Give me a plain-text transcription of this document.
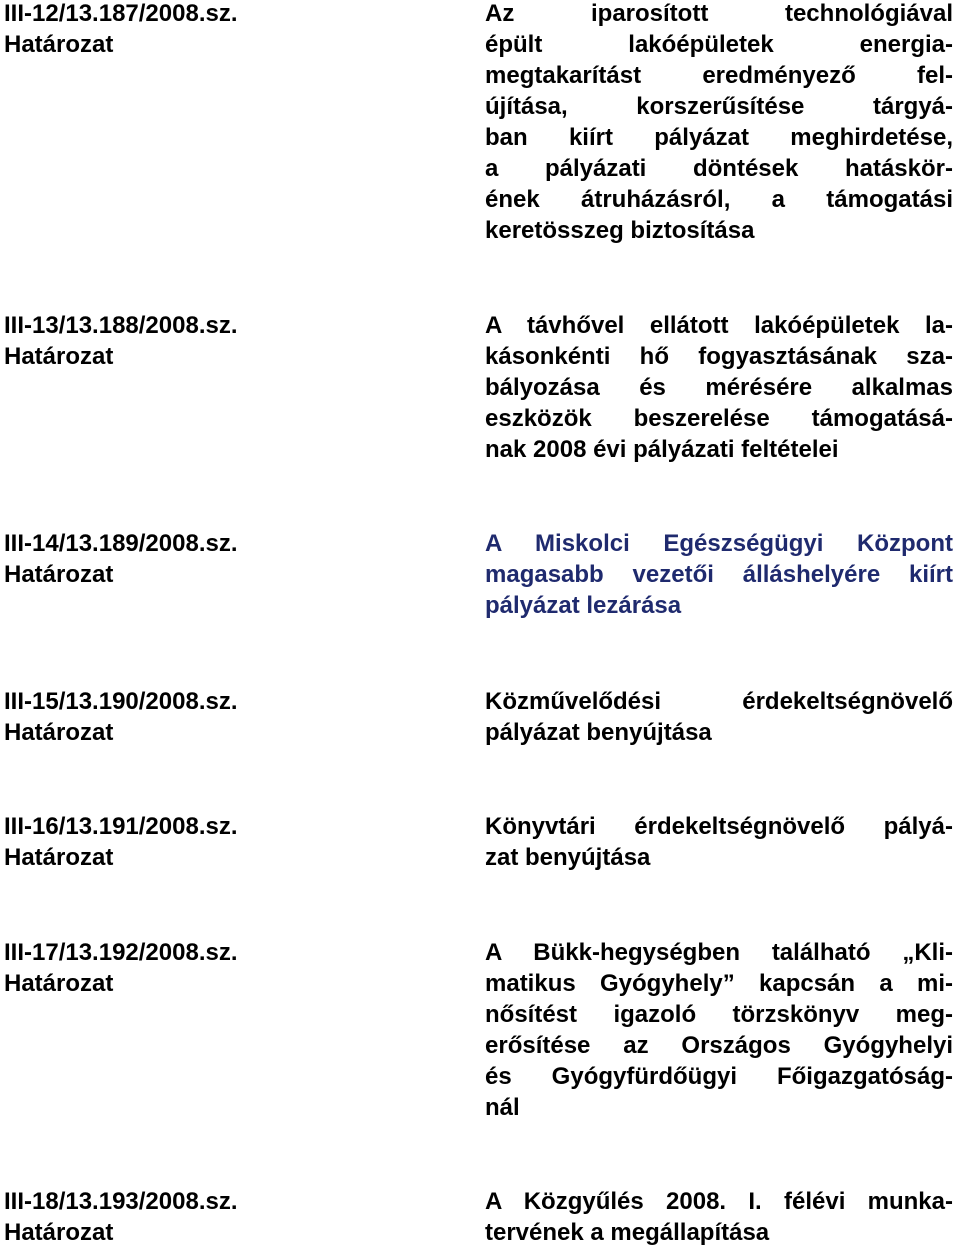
III-12/13.187/2008.sz.
Határozat
Az iparosított technológiával
épült lakóépületek energia-
megtakarítást eredményező fel-
újítása, korszerűsítése tárgyá-
ban kiírt pályázat meghirdetése,
a pályázati döntések hatáskör-
ének átruházásról, a támogatási
keretösszeg biztosítása
III-13/13.188/2008.sz.
Határozat
A távhővel ellátott lakóépületek la-
kásonkénti hő fogyasztásának sza-
bályozása és mérésére alkalmas
eszközök beszerelése támogatásá-
nak 2008 évi pályázati feltételei
III-14/13.189/2008.sz.
Határozat
A Miskolci Egészségügyi Központ
magasabb vezetői álláshelyére kiírt
pályázat lezárása
III-15/13.190/2008.sz.
Határozat
Közművelődési érdekeltségnövelő
pályázat benyújtása
III-16/13.191/2008.sz.
Határozat
Könyvtári érdekeltségnövelő pályá-
zat benyújtása
III-17/13.192/2008.sz.
Határozat
A Bükk-hegységben található „Kli-
matikus Gyógyhely” kapcsán a mi-
nősítést igazoló törzskönyv meg-
erősítése az Országos Gyógyhelyi
és Gyógyfürdőügyi Főigazgatóság-
nál
III-18/13.193/2008.sz.
Határozat
A Közgyűlés 2008. I. félévi munka-
tervének a megállapítása
